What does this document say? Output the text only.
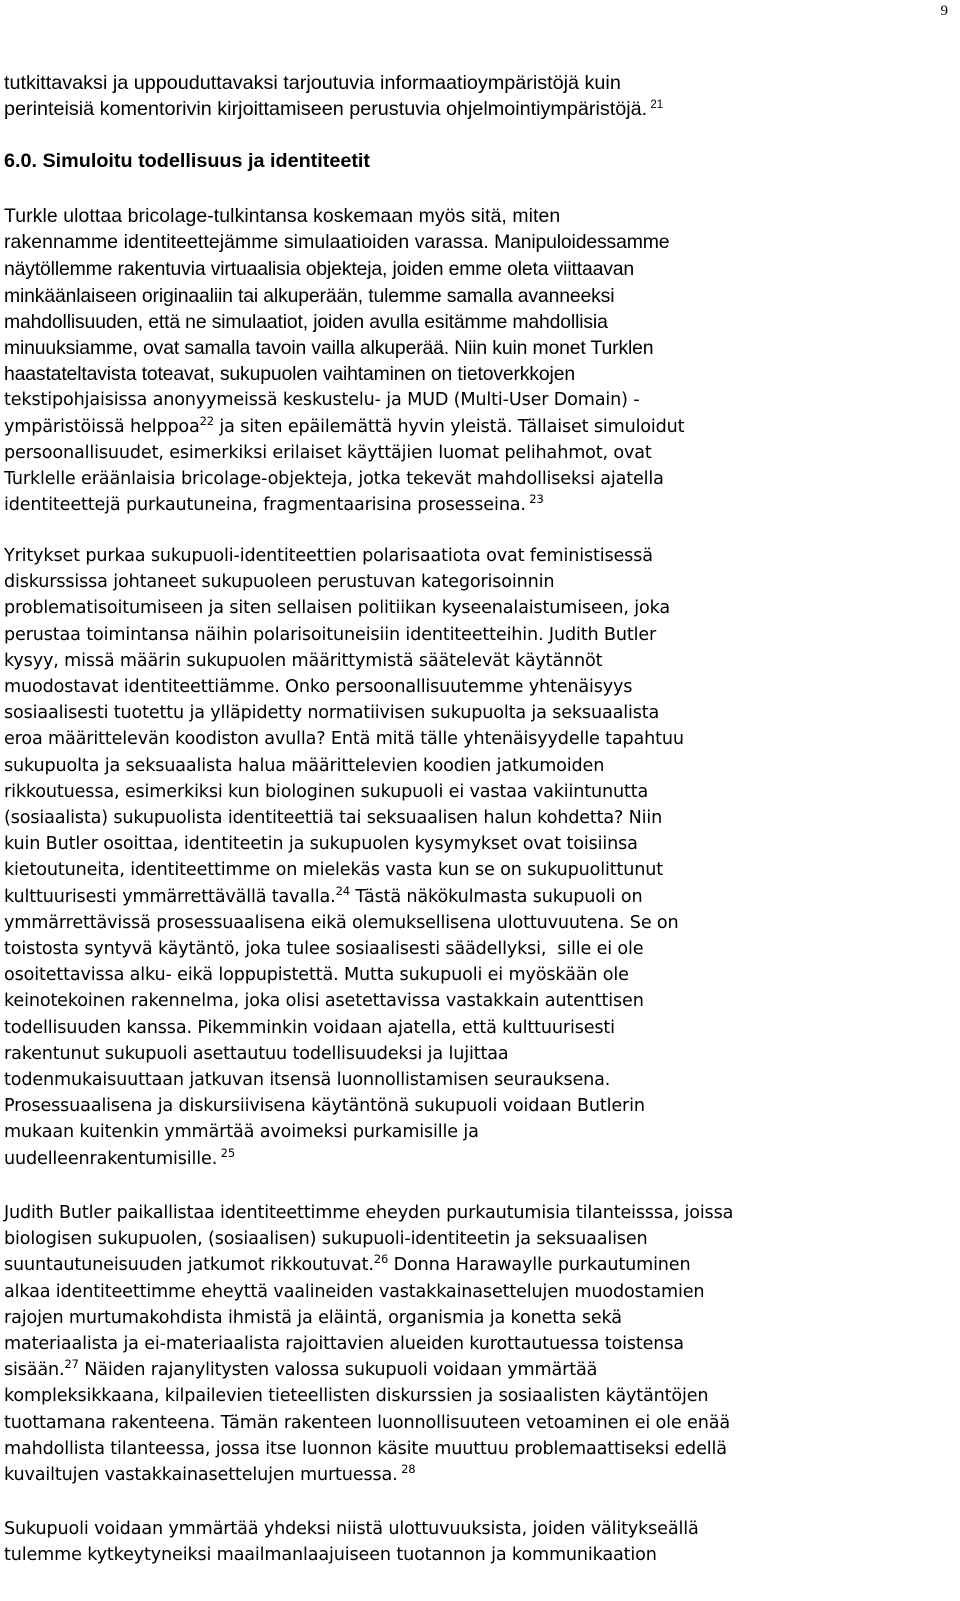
9

tutkittavaksi ja uppouduttavaksi tarjoutuvia informaatioympäristöjä kuin
perinteisiä komentorivin kirjoittamiseen perustuvia ohjelmointiympäristöjä. $^{21}$

6.0. Simuloitu todellisuus ja identiteetit

Turkle ulottaa bricolage-tulkintansa koskemaan myös sitä, miten
rakennamme identiteettejämme simulaatioiden varassa. Manipuloidessamme
näytöllemme rakentuvia virtuaalisia objekteja, joiden emme oleta viittaavan
minkäänlaiseen originaaliin tai alkuperään, tulemme samalla avanneeksi
mahdollisuuden, että ne simulaatiot, joiden avulla esitämme mahdollisia
minuuksiamme, ovat samalla tavoin vailla alkuperää. Niin kuin monet Turklen
haastateltavista toteavat, sukupuolen vaihtaminen on tietoverkkojen
tekstipohjaisissa anonyymeissä keskustelu- ja MUD (Multi-User Domain) -
ympäristöissä helppoa$^{22}$ ja siten epäilemättä hyvin yleistä. Tällaiset simuloidut
persoonallisuudet, esimerkiksi erilaiset käyttäjien luomat pelihahmot, ovat
Turklelle eräänlaisia bricolage-objekteja, jotka tekevät mahdolliseksi ajatella
identiteettejä purkautuneina, fragmentaarisina prosesseina. $^{23}$

Yritykset purkaa sukupuoli-identiteettien polarisaatiota ovat feministisessä
diskurssissa johtaneet sukupuoleen perustuvan kategorisoinnin
problematisoitumiseen ja siten sellaisen politiikan kyseenalaistumiseen, joka
perustaa toimintansa näihin polarisoituneisiin identiteetteihin. Judith Butler
kysyy, missä määrin sukupuolen määrittymistä säätelevät käytännöt
muodostavat identiteettiämme. Onko persoonallisuutemme yhtenäisyys
sosiaalisesti tuotettu ja ylläpidetty normatiivisen sukupuolta ja seksuaalista
eroa määrittelevän koodiston avulla? Entä mitä tälle yhtenäisyydelle tapahtuu
sukupuolta ja seksuaalista halua määrittelevien koodien jatkumoiden
rikkoutuessa, esimerkiksi kun biologinen sukupuoli ei vastaa vakiintunutta
(sosiaalista) sukupuolista identiteettiä tai seksuaalisen halun kohdetta? Niin
kuin Butler osoittaa, identiteetin ja sukupuolen kysymykset ovat toisiinsa
kietoutuneita, identiteettimme on mielekäs vasta kun se on sukupuolittunut
kulttuurisesti ymmärrettävällä tavalla.$^{24}$ Tästä näkökulmasta sukupuoli on
ymmärrettävissä prosessuaalisena eikä olemuksellisena ulottuvuutena. Se on
toistosta syntyvä käytäntö, joka tulee sosiaalisesti säädellyksi,  sille ei ole
osoitettavissa alku- eikä loppupistettä. Mutta sukupuoli ei myöskään ole
keinotekoinen rakennelma, joka olisi asetettavissa vastakkain autenttisen
todellisuuden kanssa. Pikemminkin voidaan ajatella, että kulttuurisesti
rakentunut sukupuoli asettautuu todellisuudeksi ja lujittaa
todenmukaisuuttaan jatkuvan itsensä luonnollistamisen seurauksena.
Prosessuaalisena ja diskursiivisena käytäntönä sukupuoli voidaan Butlerin
mukaan kuitenkin ymmärtää avoimeksi purkamisille ja
uudelleenrakentumisille. $^{25}$

Judith Butler paikallistaa identiteettimme eheyden purkautumisia tilanteisssa, joissa
biologisen sukupuolen, (sosiaalisen) sukupuoli-identiteetin ja seksuaalisen
suuntautuneisuuden jatkumot rikkoutuvat.$^{26}$ Donna Harawaylle purkautuminen
alkaa identiteettimme eheyttä vaalineiden vastakkainasettelujen muodostamien
rajojen murtumakohdista ihmistä ja eläintä, organismia ja konetta sekä
materiaalista ja ei-materiaalista rajoittavien alueiden kurottautuessa toistensa
sisään.$^{27}$ Näiden rajanylitysten valossa sukupuoli voidaan ymmärtää
kompleksikkaana, kilpailevien tieteellisten diskurssien ja sosiaalisten käytäntöjen
tuottamana rakenteena. Tämän rakenteen luonnollisuuteen vetoaminen ei ole enää
mahdollista tilanteessa, jossa itse luonnon käsite muuttuu problemaattiseksi edellä
kuvailtujen vastakkainasettelujen murtuessa. $^{28}$

Sukupuoli voidaan ymmärtää yhdeksi niistä ulottuvuuksista, joiden välitykseällä
tulemme kytkeytyneiksi maailmanlaajuiseen tuotannon ja kommunikaation
